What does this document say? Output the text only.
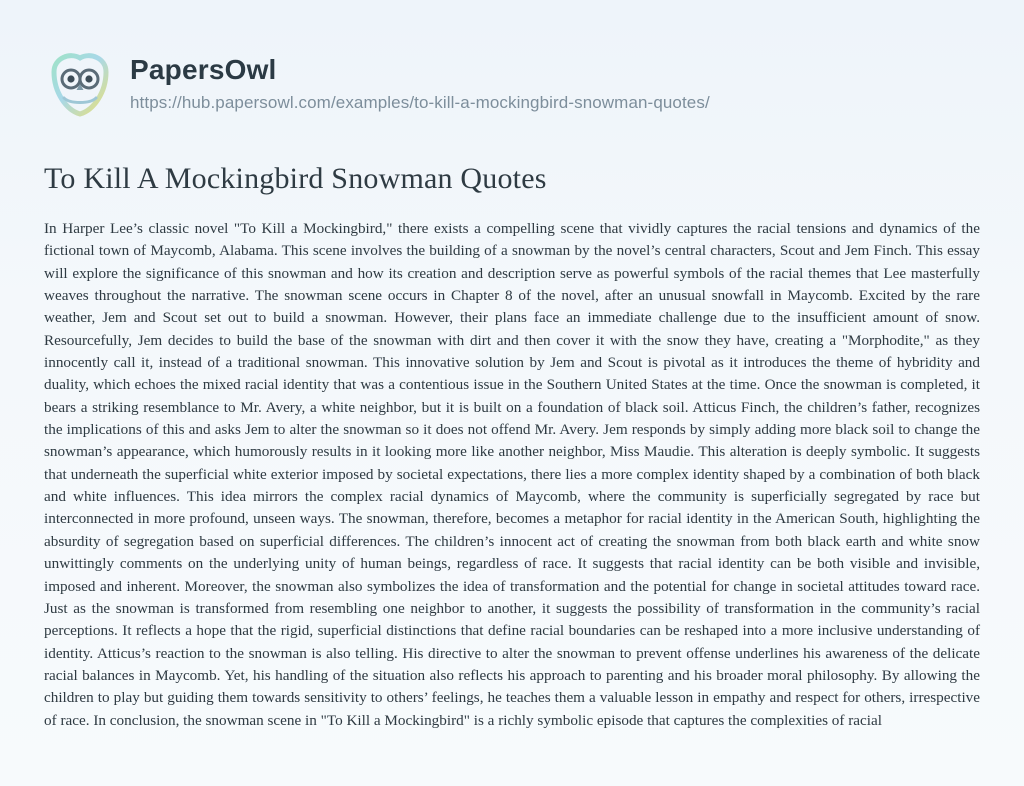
PapersOwl
https://hub.papersowl.com/examples/to-kill-a-mockingbird-snowman-quotes/
To Kill A Mockingbird Snowman Quotes

In Harper Lee’s classic novel "To Kill a Mockingbird," there exists a compelling scene that vividly captures the racial tensions and dynamics of the fictional town of Maycomb, Alabama. This scene involves the building of a snowman by the novel’s central characters, Scout and Jem Finch. This essay will explore the significance of this snowman and how its creation and description serve as powerful symbols of the racial themes that Lee masterfully weaves throughout the narrative. The snowman scene occurs in Chapter 8 of the novel, after an unusual snowfall in Maycomb. Excited by the rare weather, Jem and Scout set out to build a snowman. However, their plans face an immediate challenge due to the insufficient amount of snow. Resourcefully, Jem decides to build the base of the snowman with dirt and then cover it with the snow they have, creating a "Morphodite," as they innocently call it, instead of a traditional snowman. This innovative solution by Jem and Scout is pivotal as it introduces the theme of hybridity and duality, which echoes the mixed racial identity that was a contentious issue in the Southern United States at the time. Once the snowman is completed, it bears a striking resemblance to Mr. Avery, a white neighbor, but it is built on a foundation of black soil. Atticus Finch, the children’s father, recognizes the implications of this and asks Jem to alter the snowman so it does not offend Mr. Avery. Jem responds by simply adding more black soil to change the snowman’s appearance, which humorously results in it looking more like another neighbor, Miss Maudie. This alteration is deeply symbolic. It suggests that underneath the superficial white exterior imposed by societal expectations, there lies a more complex identity shaped by a combination of both black and white influences. This idea mirrors the complex racial dynamics of Maycomb, where the community is superficially segregated by race but interconnected in more profound, unseen ways. The snowman, therefore, becomes a metaphor for racial identity in the American South, highlighting the absurdity of segregation based on superficial differences. The children’s innocent act of creating the snowman from both black earth and white snow unwittingly comments on the underlying unity of human beings, regardless of race. It suggests that racial identity can be both visible and invisible, imposed and inherent. Moreover, the snowman also symbolizes the idea of transformation and the potential for change in societal attitudes toward race. Just as the snowman is transformed from resembling one neighbor to another, it suggests the possibility of transformation in the community’s racial perceptions. It reflects a hope that the rigid, superficial distinctions that define racial boundaries can be reshaped into a more inclusive understanding of identity. Atticus’s reaction to the snowman is also telling. His directive to alter the snowman to prevent offense underlines his awareness of the delicate racial balances in Maycomb. Yet, his handling of the situation also reflects his approach to parenting and his broader moral philosophy. By allowing the children to play but guiding them towards sensitivity to others’ feelings, he teaches them a valuable lesson in empathy and respect for others, irrespective of race. In conclusion, the snowman scene in "To Kill a Mockingbird" is a richly symbolic episode that captures the complexities of racial
